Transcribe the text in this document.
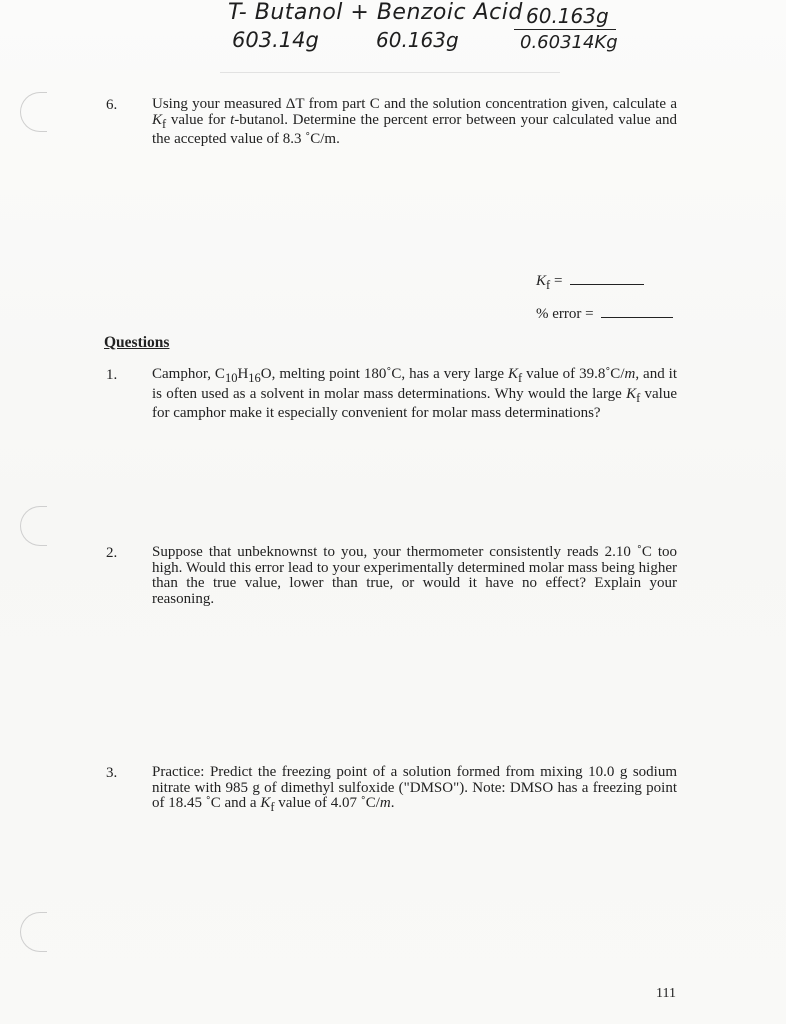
T- Butanol + Benzoic Acid
603.14g	60.163g
60.163g
0.60314Kg
6. Using your measured ΔT from part C and the solution concentration given, calculate a $K_f$ value for t-butanol. Determine the percent error between your calculated value and the accepted value of 8.3 ˚C/m.
$K_f$ =
% error =
Questions
1. Camphor, $C_{10}H_{16}O$, melting point 180˚C, has a very large $K_f$ value of 39.8˚C/m, and it is often used as a solvent in molar mass determinations. Why would the large $K_f$ value for camphor make it especially convenient for molar mass determinations?
2. Suppose that unbeknownst to you, your thermometer consistently reads 2.10 ˚C too high. Would this error lead to your experimentally determined molar mass being higher than the true value, lower than true, or would it have no effect? Explain your reasoning.
3. Practice: Predict the freezing point of a solution formed from mixing 10.0 g sodium nitrate with 985 g of dimethyl sulfoxide ("DMSO"). Note: DMSO has a freezing point of 18.45 ˚C and a $K_f$ value of 4.07 ˚C/m.
111
